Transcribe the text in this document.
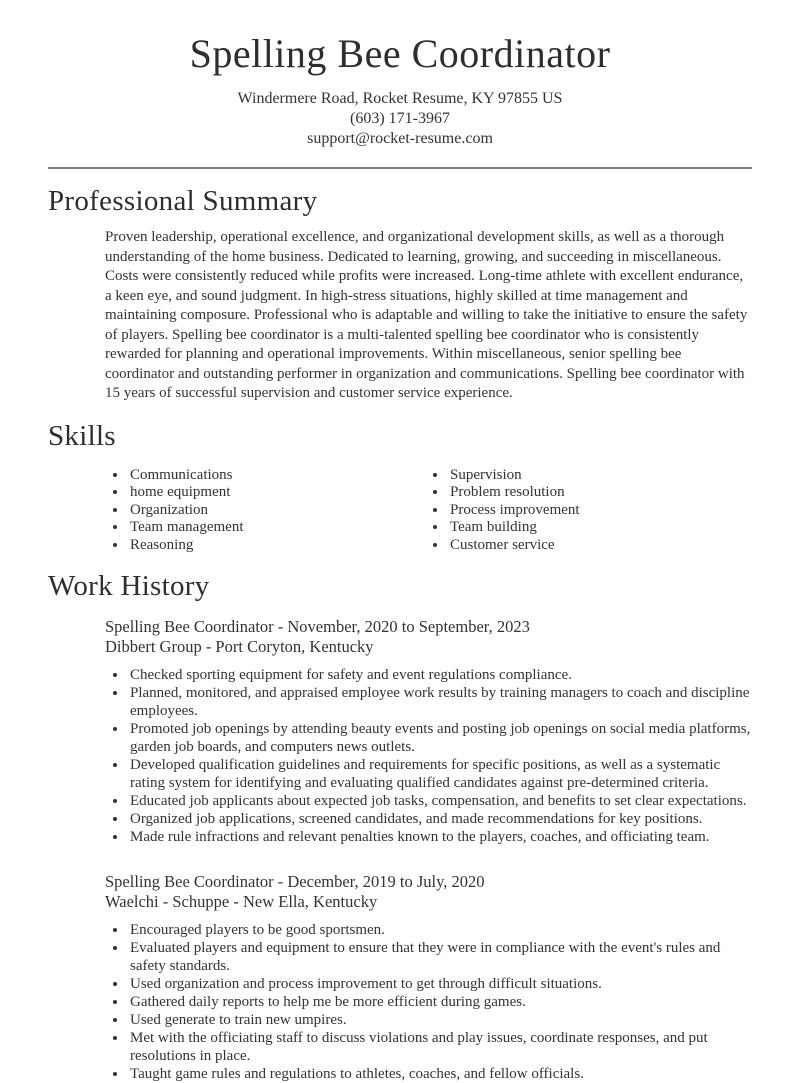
Spelling Bee Coordinator
Windermere Road, Rocket Resume, KY 97855 US
(603) 171-3967
support@rocket-resume.com
Professional Summary

Proven leadership, operational excellence, and organizational development skills, as well as a thorough understanding of the home business. Dedicated to learning, growing, and succeeding in miscellaneous. Costs were consistently reduced while profits were increased. Long-time athlete with excellent endurance, a keen eye, and sound judgment. In high-stress situations, highly skilled at time management and maintaining composure. Professional who is adaptable and willing to take the initiative to ensure the safety of players. Spelling bee coordinator is a multi-talented spelling bee coordinator who is consistently rewarded for planning and operational improvements. Within miscellaneous, senior spelling bee coordinator and outstanding performer in organization and communications. Spelling bee coordinator with 15 years of successful supervision and customer service experience.

Skills
• Communications
• home equipment
• Organization
• Team management
• Reasoning
• Supervision
• Problem resolution
• Process improvement
• Team building
• Customer service
Work History
Spelling Bee Coordinator - November, 2020 to September, 2023
Dibbert Group - Port Coryton, Kentucky
• Checked sporting equipment for safety and event regulations compliance.
• Planned, monitored, and appraised employee work results by training managers to coach and discipline employees.
• Promoted job openings by attending beauty events and posting job openings on social media platforms, garden job boards, and computers news outlets.
• Developed qualification guidelines and requirements for specific positions, as well as a systematic rating system for identifying and evaluating qualified candidates against pre-determined criteria.
• Educated job applicants about expected job tasks, compensation, and benefits to set clear expectations.
• Organized job applications, screened candidates, and made recommendations for key positions.
• Made rule infractions and relevant penalties known to the players, coaches, and officiating team.
Spelling Bee Coordinator - December, 2019 to July, 2020
Waelchi - Schuppe - New Ella, Kentucky
• Encouraged players to be good sportsmen.
• Evaluated players and equipment to ensure that they were in compliance with the event's rules and safety standards.
• Used organization and process improvement to get through difficult situations.
• Gathered daily reports to help me be more efficient during games.
• Used generate to train new umpires.
• Met with the officiating staff to discuss violations and play issues, coordinate responses, and put resolutions in place.
• Taught game rules and regulations to athletes, coaches, and fellow officials.
